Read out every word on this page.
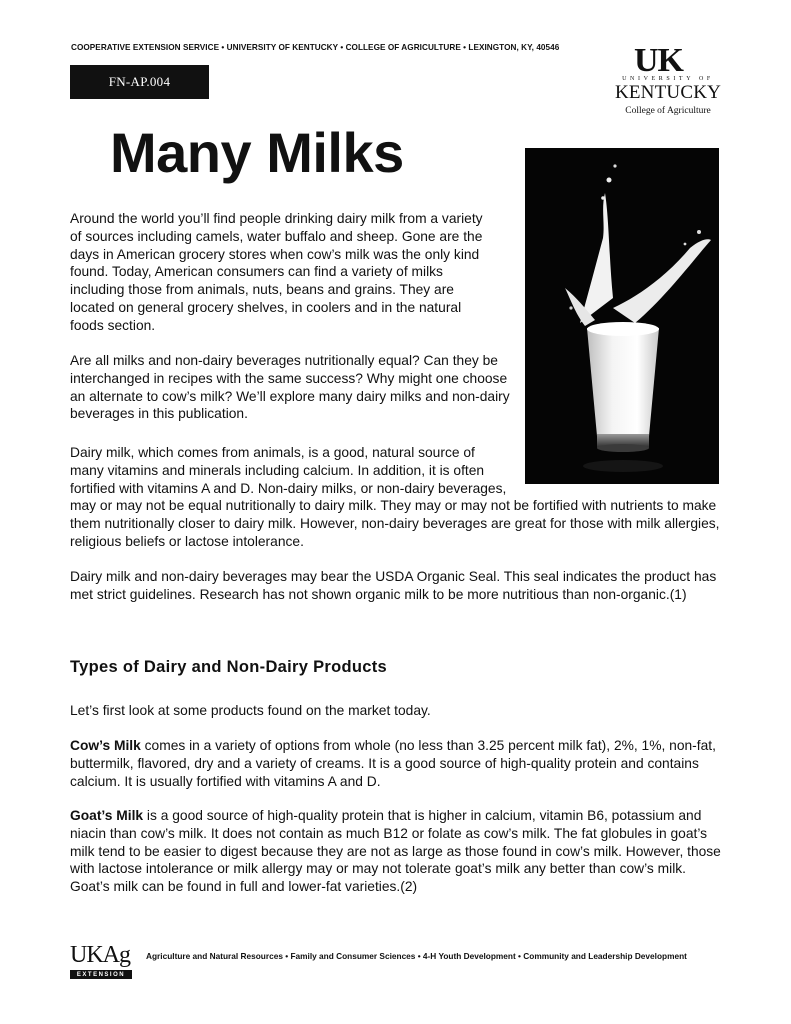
COOPERATIVE EXTENSION SERVICE • UNIVERSITY OF KENTUCKY • COLLEGE OF AGRICULTURE • LEXINGTON, KY, 40546
FN-AP.004
UK
UNIVERSITY OF
KENTUCKY
College of Agriculture
Many Milks

Around the world you’ll find people drinking dairy milk from a variety of sources including camels, water buffalo and sheep. Gone are the days in American grocery stores when cow’s milk was the only kind found. Today, American consumers can find a variety of milks including those from animals, nuts, beans and grains. They are located on general grocery shelves, in coolers and in the natural foods section.

Are all milks and non-dairy beverages nutritionally equal? Can they be interchanged in recipes with the same success? Why might one choose an alternate to cow’s milk? We’ll explore many dairy milks and non-dairy beverages in this publication.

Dairy milk, which comes from animals, is a good, natural source of many vitamins and minerals including calcium. In addition, it is often fortified with vitamins A and D. Non-dairy milks, or non-dairy beverages, may or may not be equal nutritionally to dairy milk. They may or may not be fortified with nutrients to make them nutritionally closer to dairy milk. However, non-dairy beverages are great for those with milk allergies, religious beliefs or lactose intolerance.

Dairy milk and non-dairy beverages may bear the USDA Organic Seal. This seal indicates the product has met strict guidelines. Research has not shown organic milk to be more nutritious than non-organic.(1)

Types of Dairy and Non-Dairy Products

Let’s first look at some products found on the market today.

Cow’s Milk comes in a variety of options from whole (no less than 3.25 percent milk fat), 2%, 1%, non-fat, buttermilk, flavored, dry and a variety of creams. It is a good source of high-quality protein and contains calcium. It is usually fortified with vitamins A and D.

Goat’s Milk is a good source of high-quality protein that is higher in calcium, vitamin B6, potassium and niacin than cow’s milk. It does not contain as much B12 or folate as cow’s milk. The fat globules in goat’s milk tend to be easier to digest because they are not as large as those found in cow’s milk. However, those with lactose intolerance or milk allergy may or may not tolerate goat’s milk any better than cow’s milk. Goat’s milk can be found in full and lower-fat varieties.(2)

UKAg
EXTENSION
Agriculture and Natural Resources • Family and Consumer Sciences • 4-H Youth Development • Community and Leadership Development
